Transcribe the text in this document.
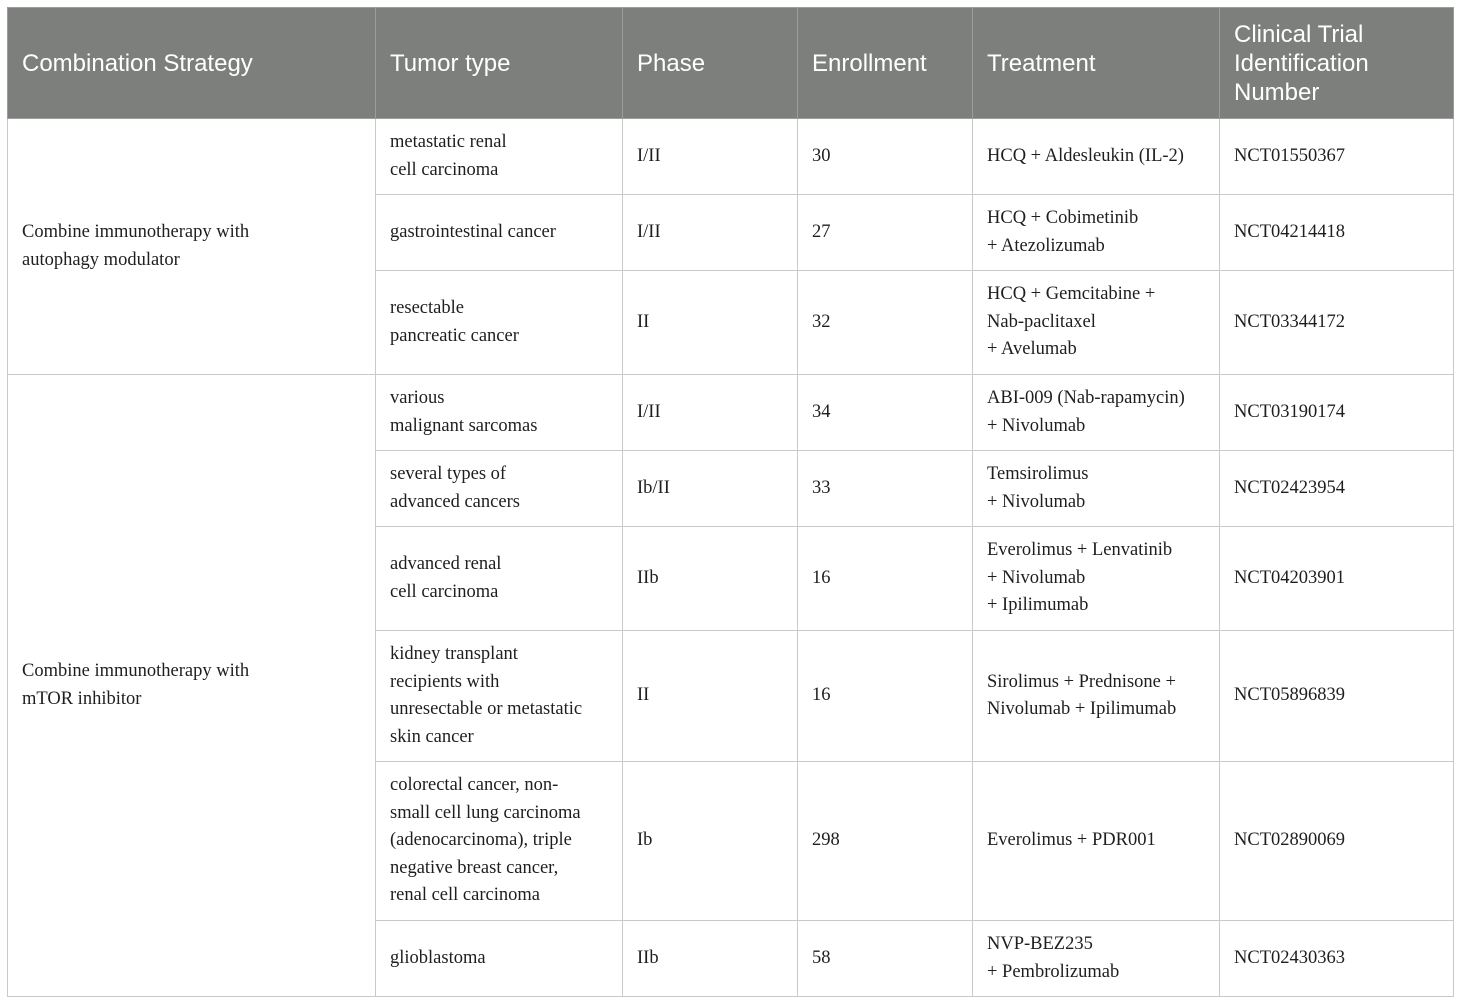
Combination Strategy	Tumor type	Phase	Enrollment	Treatment	Clinical Trial
Identification
Number
Combine immunotherapy with
autophagy modulator	metastatic renal
cell carcinoma	I/II	30	HCQ + Aldesleukin (IL-2)	NCT01550367
	gastrointestinal cancer	I/II	27	HCQ + Cobimetinib
+ Atezolizumab	NCT04214418
	resectable
pancreatic cancer	II	32	HCQ + Gemcitabine +
Nab-paclitaxel
+ Avelumab	NCT03344172
Combine immunotherapy with
mTOR inhibitor	various
malignant sarcomas	I/II	34	ABI-009 (Nab-rapamycin)
+ Nivolumab	NCT03190174
	several types of
advanced cancers	Ib/II	33	Temsirolimus
+ Nivolumab	NCT02423954
	advanced renal
cell carcinoma	IIb	16	Everolimus + Lenvatinib
+ Nivolumab
+ Ipilimumab	NCT04203901
	kidney transplant
recipients with
unresectable or metastatic
skin cancer	II	16	Sirolimus + Prednisone +
Nivolumab + Ipilimumab	NCT05896839
	colorectal cancer, non-
small cell lung carcinoma
(adenocarcinoma), triple
negative breast cancer,
renal cell carcinoma	Ib	298	Everolimus + PDR001	NCT02890069
	glioblastoma	IIb	58	NVP-BEZ235
+ Pembrolizumab	NCT02430363
